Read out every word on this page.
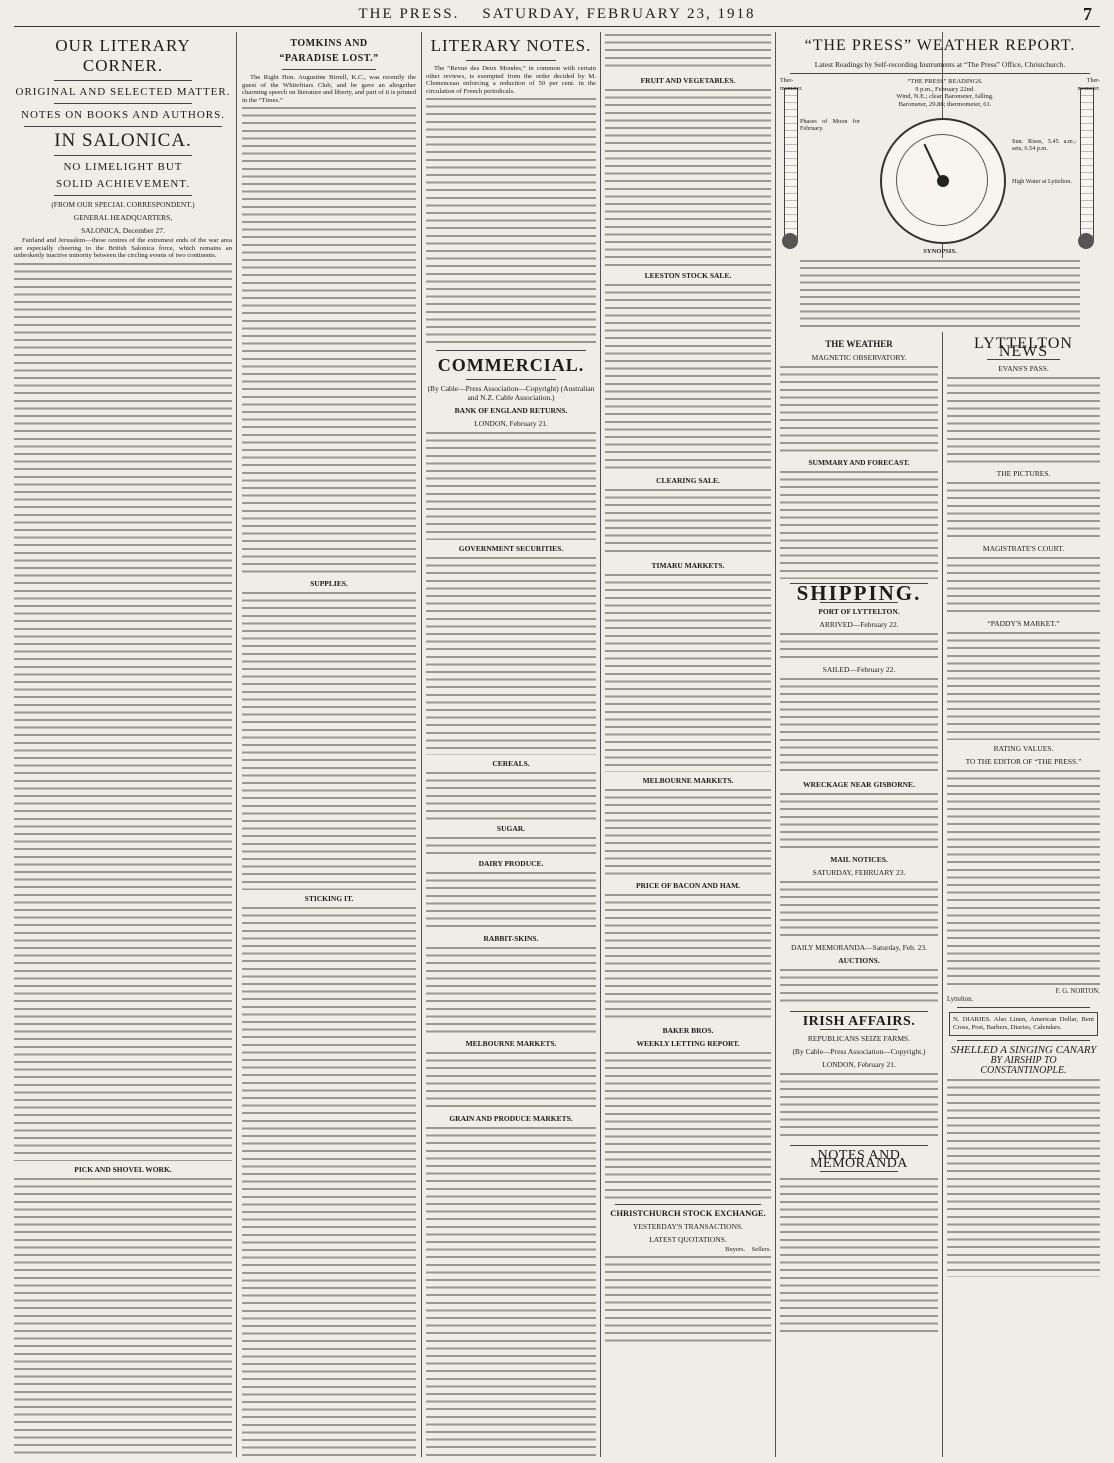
THE PRESS. SATURDAY, FEBRUARY 23, 1918	7
OUR LITERARY CORNER.
ORIGINAL AND SELECTED MATTER.
NOTES ON BOOKS AND AUTHORS.
IN SALONICA.
NO LIMELIGHT BUT
SOLID ACHIEVEMENT.
(FROM OUR SPECIAL CORRESPONDENT.)
GENERAL HEADQUARTERS,
SALONICA, December 27.

Fairland and Jerusalem—those centres of the extremest ends of the war area are especially cheering to the British Salonica force, which remains an unbrokenly inactive minority between the circling events of two continents.

PICK AND SHOVEL WORK.
TOMKINS AND
“PARADISE LOST.”

The Right Hon. Augustine Birrell, K.C., was recently the guest of the Whitefriars Club, and he gave an altogether charming speech on literature and liberty, and part of it is printed in the “Times.”

SUPPLIES.
STICKING IT.
LITERARY NOTES.

The “Revue des Deux Mondes,” in common with certain other reviews, is exempted from the order decided by M. Clemenceau enforcing a reduction of 50 per cent. in the circulation of French periodicals.

COMMERCIAL.
(By Cable—Press Association—Copyright) (Australian and N.Z. Cable Association.)
BANK OF ENGLAND RETURNS.
LONDON, February 21.
GOVERNMENT SECURITIES.
CEREALS.
SUGAR.
DAIRY PRODUCE.
RABBIT-SKINS.
MELBOURNE MARKETS.
GRAIN AND PRODUCE MARKETS.
FRUIT AND VEGETABLES.
LEESTON STOCK SALE.
CLEARING SALE.
TIMARU MARKETS.
MELBOURNE MARKETS.
PRICE OF BACON AND HAM.
BAKER BROS.
WEEKLY LETTING REPORT.
CHRISTCHURCH STOCK EXCHANGE.
YESTERDAY'S TRANSACTIONS.
LATEST QUOTATIONS.
Buyers. Sellers.
“THE PRESS” WEATHER REPORT.
Latest Readings by Self-recording Instruments at “The Press” Office, Christchurch.
Ther- mometer.
Ther- mometer.
“THE PRESS” READINGS.
9 p.m., February 22nd.
Wind, N.E.; clear. Barometer, falling.
Barometer, 29.88; thermometer, 61.
Phases of Moon for February.
Sun. Rises, 5.45 a.m.; sets, 6.54 p.m.
High Water at Lyttelton.
SYNOPSIS.
THE WEATHER
MAGNETIC OBSERVATORY.
SUMMARY AND FORECAST.
SHIPPING.
PORT OF LYTTELTON.
ARRIVED—February 22.
SAILED—February 22.
WRECKAGE NEAR GISBORNE.
MAIL NOTICES.
SATURDAY, FEBRUARY 23.
DAILY MEMORANDA—Saturday, Feb. 23.
AUCTIONS.
IRISH AFFAIRS.
REPUBLICANS SEIZE FARMS.
(By Cable—Press Association—Copyright.)
LONDON, February 21.
NOTES AND MEMORANDA
LYTTELTON NEWS
EVANS'S PASS.
THE PICTURES.
MAGISTRATE'S COURT.
“PADDY'S MARKET.”
RATING VALUES.
TO THE EDITOR OF “THE PRESS.”
F. G. NORTON.
Lyttelton.
N. DIARIES. Also Linen, American Dollar, Bent Cross, Post, Barbers, Diaries, Calendars.
SHELLED A SINGING CANARY
BY AIRSHIP TO
CONSTANTINOPLE.
